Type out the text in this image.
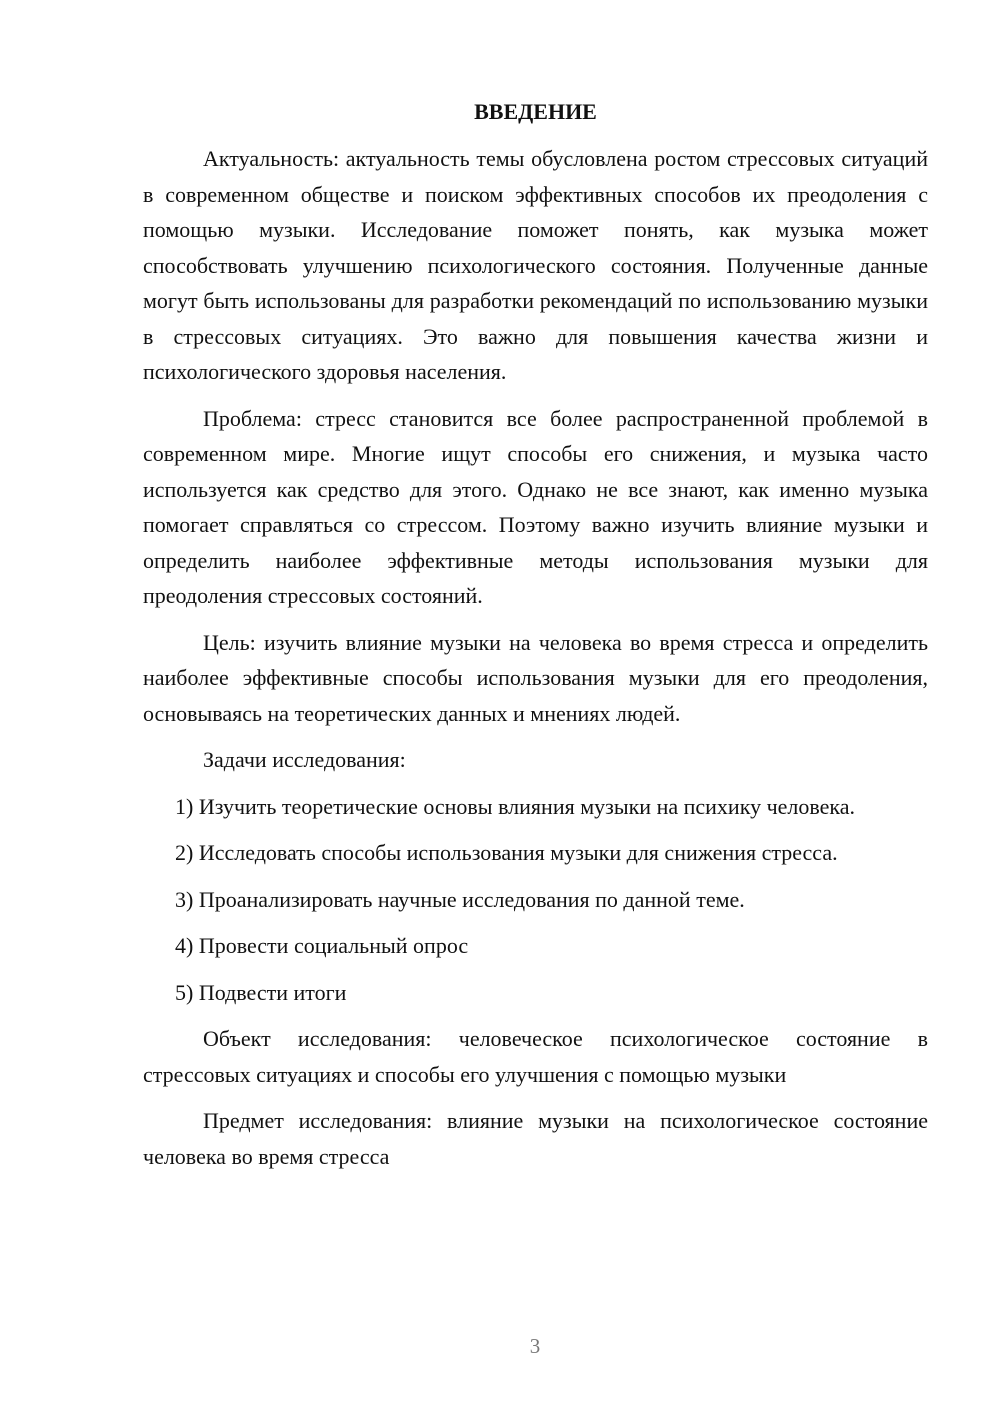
ВВЕДЕНИЕ

Актуальность: актуальность темы обусловлена ростом стрессовых ситуаций в современном обществе и поиском эффективных способов их преодоления с помощью музыки. Исследование поможет понять, как музыка может способствовать улучшению психологического состояния. Полученные данные могут быть использованы для разработки рекомендаций по использованию музыки в стрессовых ситуациях. Это важно для повышения качества жизни и психологического здоровья населения.

Проблема: стресс становится все более распространенной проблемой в современном мире. Многие ищут способы его снижения, и музыка часто используется как средство для этого. Однако не все знают, как именно музыка помогает справляться со стрессом. Поэтому важно изучить влияние музыки и определить наиболее эффективные методы использования музыки для преодоления стрессовых состояний.

Цель: изучить влияние музыки на человека во время стресса и определить наиболее эффективные способы использования музыки для его преодоления, основываясь на теоретических данных и мнениях людей.

Задачи исследования:

1) Изучить теоретические основы влияния музыки на психику человека.

2) Исследовать способы использования музыки для снижения стресса.

3) Проанализировать научные исследования по данной теме.

4) Провести социальный опрос

5) Подвести итоги

Объект исследования: человеческое психологическое состояние в стрессовых ситуациях и способы его улучшения с помощью музыки

Предмет исследования: влияние музыки на психологическое состояние человека во время стресса

3
